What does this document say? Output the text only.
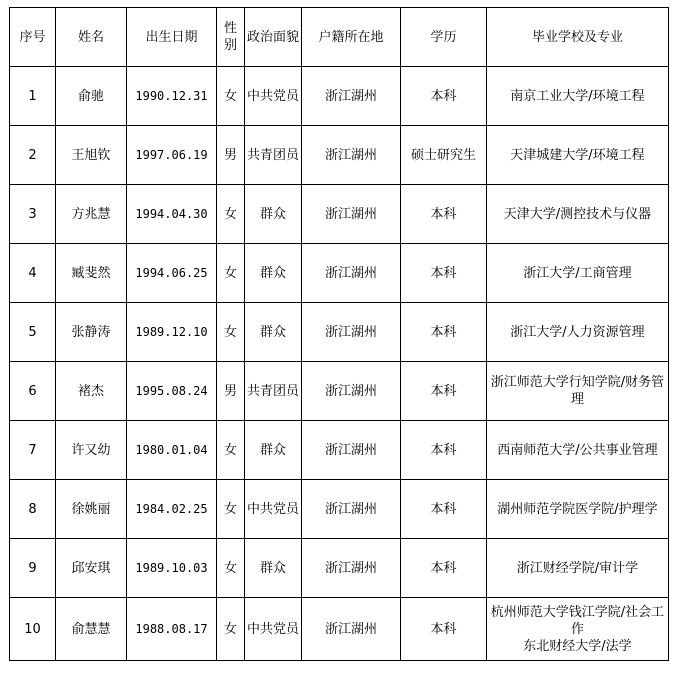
序号	姓名	出生日期	性别	政治面貌	户籍所在地	学历	毕业学校及专业
1	俞驰	1990.12.31	女	中共党员	浙江湖州	本科	南京工业大学/环境工程
2	王旭钦	1997.06.19	男	共青团员	浙江湖州	硕士研究生	天津城建大学/环境工程
3	方兆慧	1994.04.30	女	群众	浙江湖州	本科	天津大学/测控技术与仪器
4	臧斐然	1994.06.25	女	群众	浙江湖州	本科	浙江大学/工商管理
5	张静涛	1989.12.10	女	群众	浙江湖州	本科	浙江大学/人力资源管理
6	褚杰	1995.08.24	男	共青团员	浙江湖州	本科	浙江师范大学行知学院/财务管理
7	许又幼	1980.01.04	女	群众	浙江湖州	本科	西南师范大学/公共事业管理
8	徐姚丽	1984.02.25	女	中共党员	浙江湖州	本科	湖州师范学院医学院/护理学
9	邱安琪	1989.10.03	女	群众	浙江湖州	本科	浙江财经学院/审计学
10	俞慧慧	1988.08.17	女	中共党员	浙江湖州	本科	杭州师范大学钱江学院/社会工作
东北财经大学/法学
